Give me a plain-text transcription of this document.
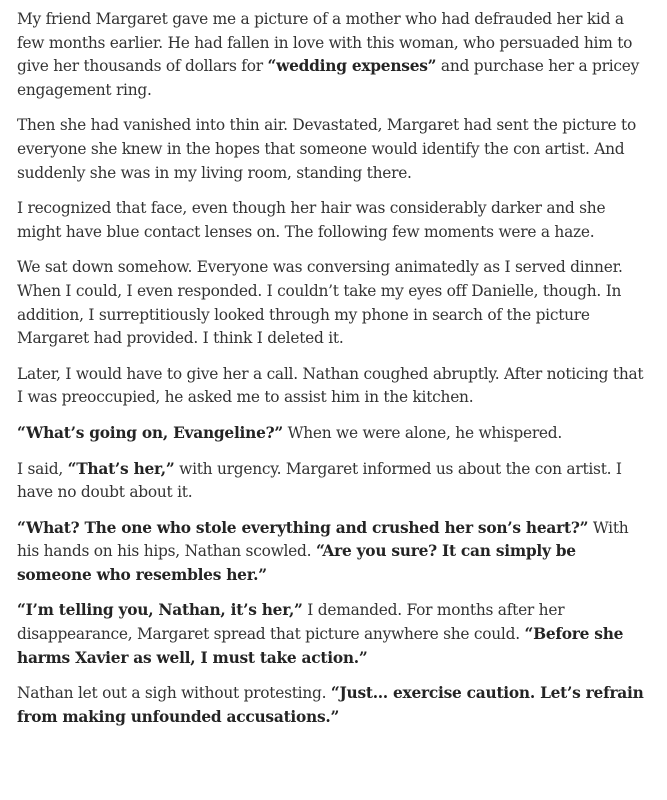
My friend Margaret gave me a picture of a mother who had defrauded her kid a few months earlier. He had fallen in love with this woman, who persuaded him to give her thousands of dollars for “wedding expenses” and purchase her a pricey engagement ring.

Then she had vanished into thin air. Devastated, Margaret had sent the picture to everyone she knew in the hopes that someone would identify the con artist. And suddenly she was in my living room, standing there.

I recognized that face, even though her hair was considerably darker and she might have blue contact lenses on. The following few moments were a haze.

We sat down somehow. Everyone was conversing animatedly as I served dinner. When I could, I even responded. I couldn’t take my eyes off Danielle, though. In addition, I surreptitiously looked through my phone in search of the picture Margaret had provided. I think I deleted it.

Later, I would have to give her a call. Nathan coughed abruptly. After noticing that I was preoccupied, he asked me to assist him in the kitchen.

“What’s going on, Evangeline?” When we were alone, he whispered.

I said, “That’s her,” with urgency. Margaret informed us about the con artist. I have no doubt about it.

“What? The one who stole everything and crushed her son’s heart?” With his hands on his hips, Nathan scowled. “Are you sure? It can simply be someone who resembles her.”

“I’m telling you, Nathan, it’s her,” I demanded. For months after her disappearance, Margaret spread that picture anywhere she could. “Before she harms Xavier as well, I must take action.”

Nathan let out a sigh without protesting. “Just… exercise caution. Let’s refrain from making unfounded accusations.”
